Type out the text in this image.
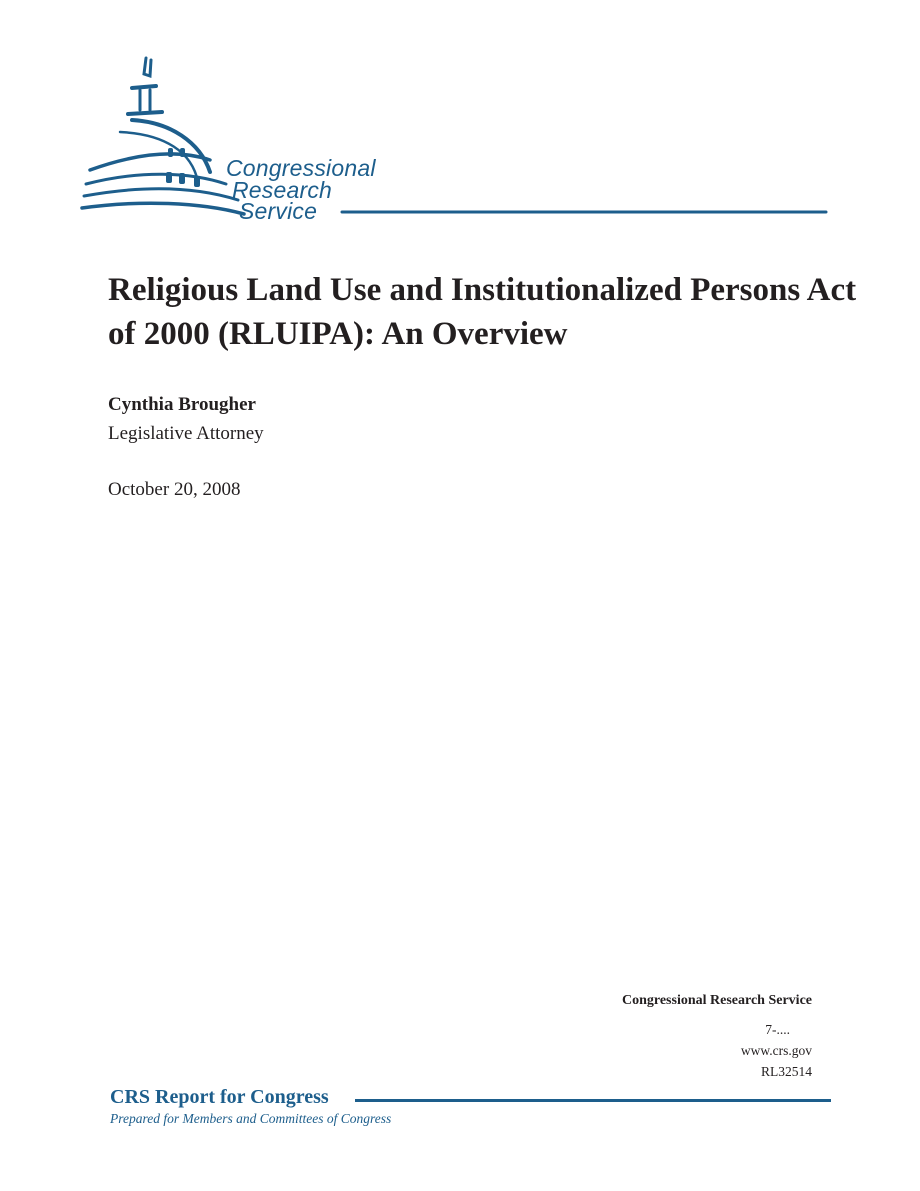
Congressional
Research
Service
Religious Land Use and Institutionalized Persons Act of 2000 (RLUIPA): An Overview
Cynthia Brougher
Legislative Attorney
October 20, 2008
Congressional Research Service
7-....
www.crs.gov
RL32514
CRS Report for Congress
Prepared for Members and Committees of Congress
